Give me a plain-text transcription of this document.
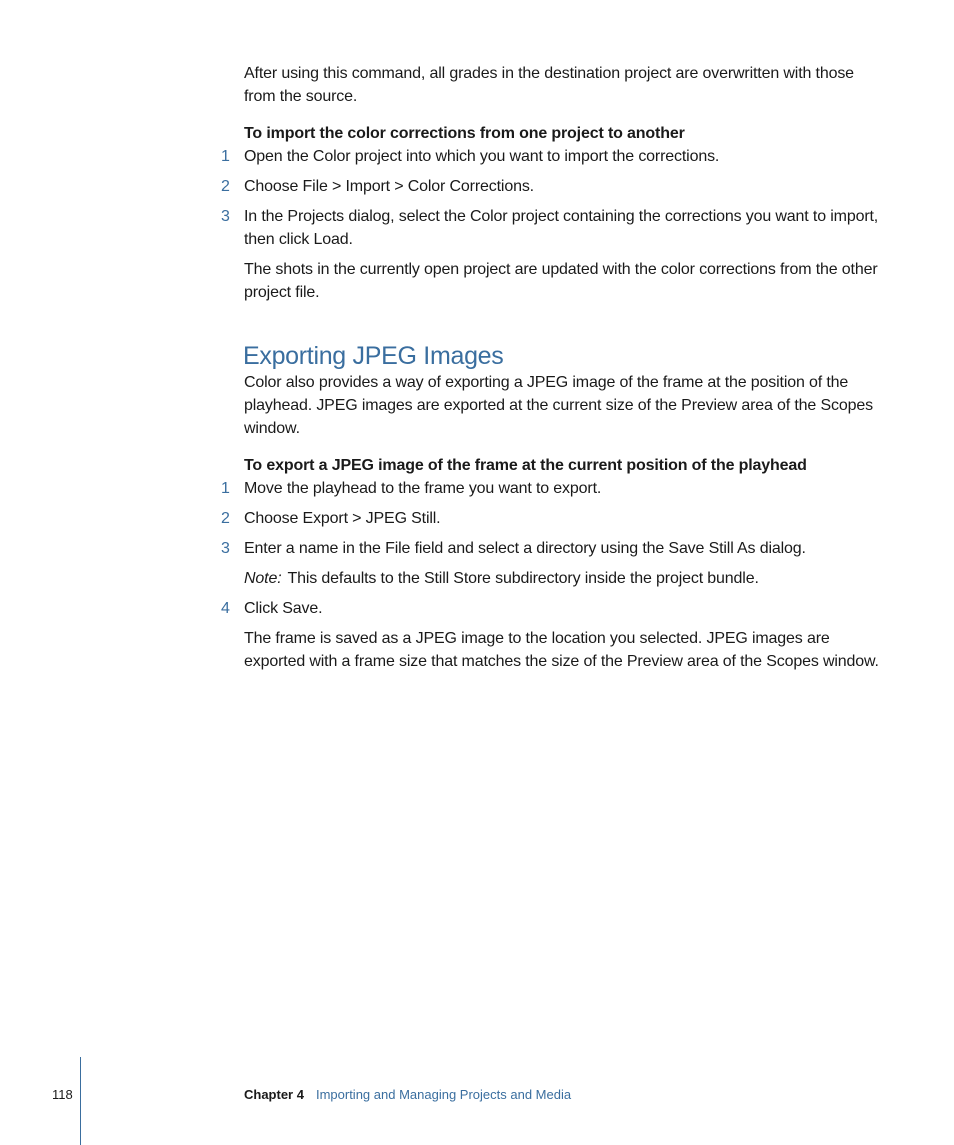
After using this command, all grades in the destination project are overwritten with those from the source.

To import the color corrections from one project to another

1 Open the Color project into which you want to import the corrections.

2 Choose File > Import > Color Corrections.

3 In the Projects dialog, select the Color project containing the corrections you want to import, then click Load.

The shots in the currently open project are updated with the color corrections from the other project file.

Exporting JPEG Images

Color also provides a way of exporting a JPEG image of the frame at the position of the playhead. JPEG images are exported at the current size of the Preview area of the Scopes window.

To export a JPEG image of the frame at the current position of the playhead

1 Move the playhead to the frame you want to export.

2 Choose Export > JPEG Still.

3 Enter a name in the File field and select a directory using the Save Still As dialog.

Note: This defaults to the Still Store subdirectory inside the project bundle.

4 Click Save.

The frame is saved as a JPEG image to the location you selected. JPEG images are exported with a frame size that matches the size of the Preview area of the Scopes window.

118	Chapter 4 Importing and Managing Projects and Media
